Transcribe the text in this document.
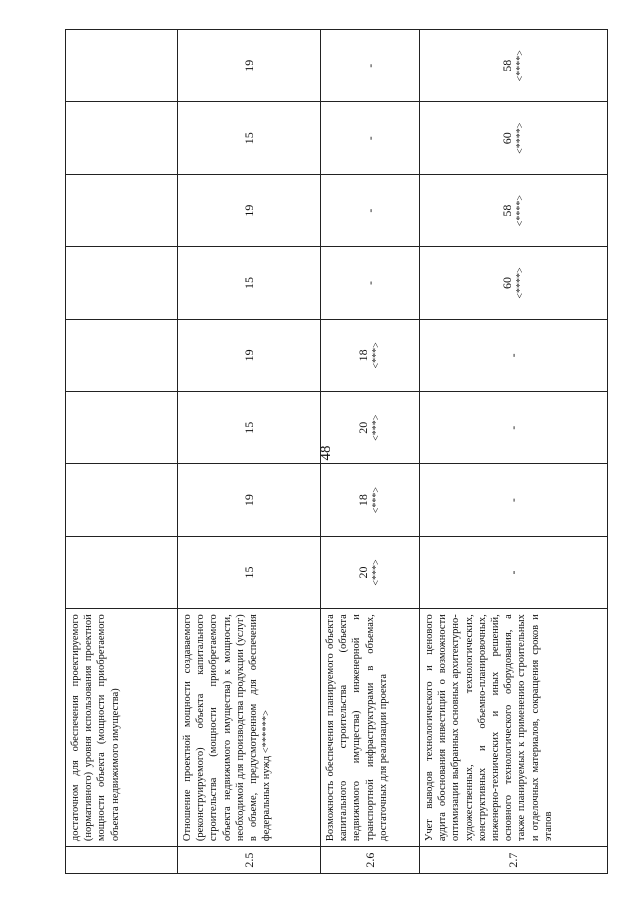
48
	достаточном для обеспечения проектируемого (нормативного) уровня использования проектной мощности объекта (мощности приобретаемого объекта недвижимого имущества)	

2.5	Отношение проектной мощности создаваемого (реконструируемого) объекта капитального строительства (мощности приобретаемого объекта недвижимого имущества) к мощности, необходимой для производства продукции (услуг) в объеме, предусмотренном для обеспечения федеральных нужд <******>	15	19	15	19	15	19	15	19

2.6	Возможность обеспечения планируемого объекта капитального строительства (объекта недвижимого имущества) инженерной и транспортной инфраструктурами в объемах, достаточных для реализации проекта	20 <***>	18 <***>	20 <***>	18 <***>	-	-	-	-

2.7	Учет выводов технологического и ценового аудита обоснования инвестиций о возможности оптимизации выбранных основных архитектурно-художественных, технологических, конструктивных и объемно-планировочных, инженерно-технических и иных решений, основного технологического оборудования, а также планируемых к применению строительных и отделочных материалов, сокращения сроков и этапов	-	-	-	-	60 <****>	58 <****>	60 <****>	58 <****>
